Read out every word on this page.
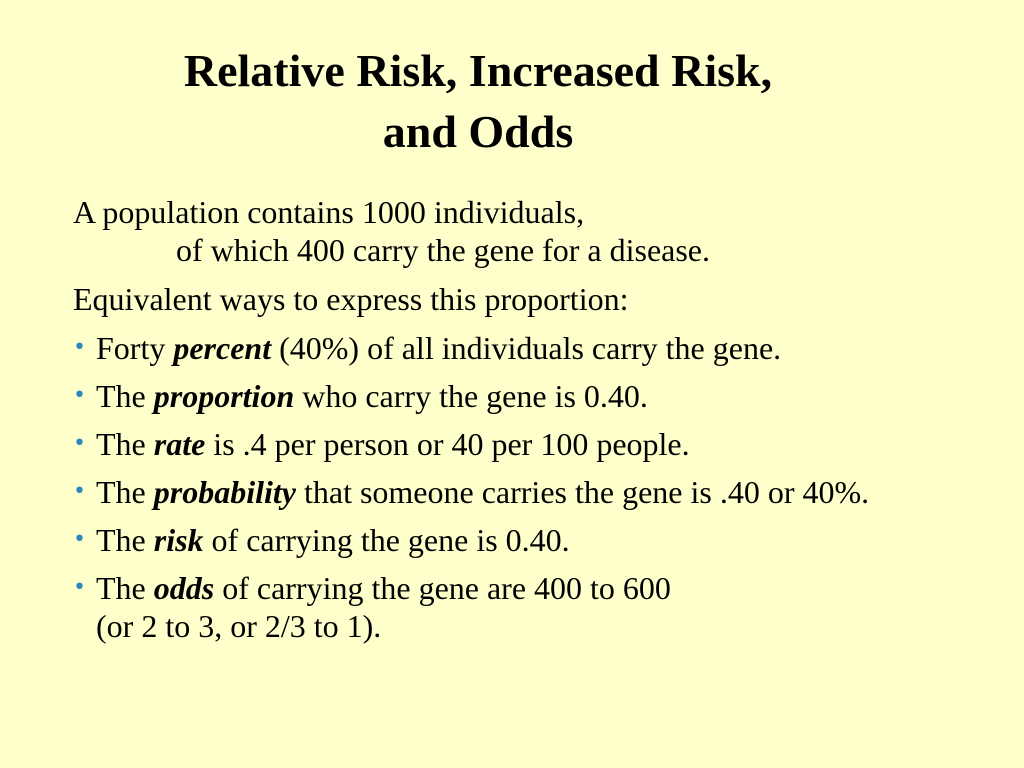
Relative Risk, Increased Risk,
and Odds
A population contains 1000 individuals,
of which 400 carry the gene for a disease.
Equivalent ways to express this proportion:
• Forty percent (40%) of all individuals carry the gene.
• The proportion who carry the gene is 0.40.
• The rate is .4 per person or 40 per 100 people.
• The probability that someone carries the gene is .40 or 40%.
• The risk of carrying the gene is 0.40.
• The odds of carrying the gene are 400 to 600
(or 2 to 3, or 2/3 to 1).
